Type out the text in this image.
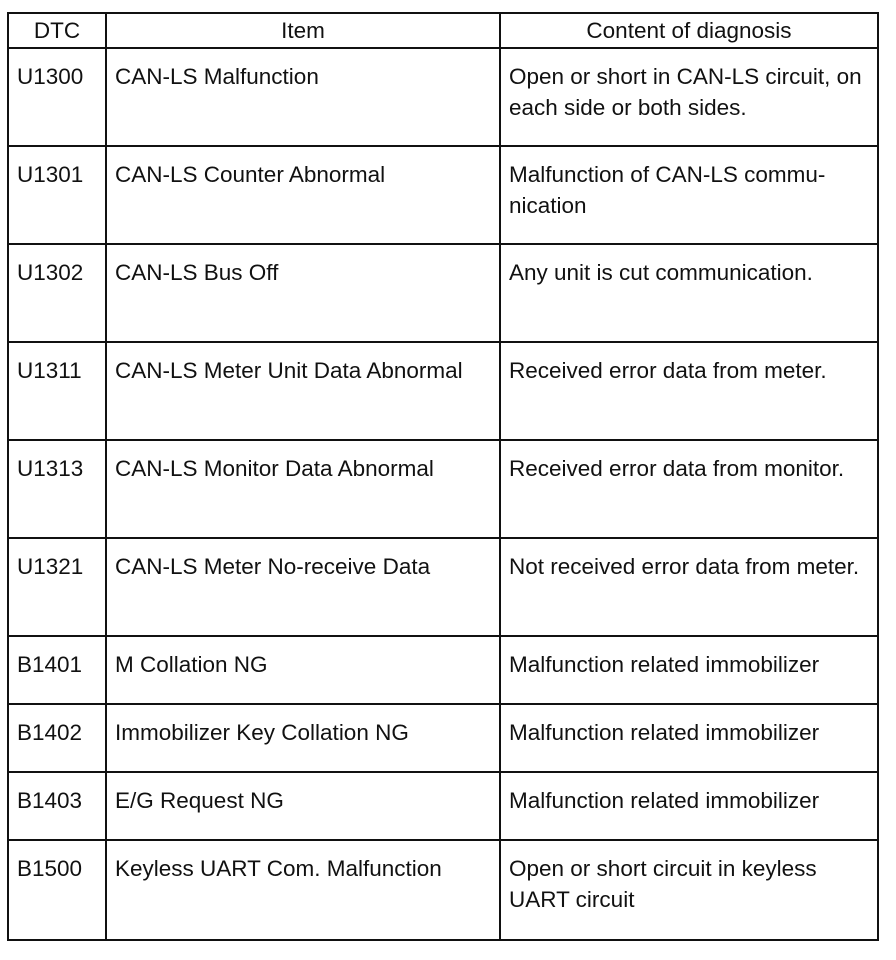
DTC	Item	Content of diagnosis
U1300	CAN-LS Malfunction	Open or short in CAN-LS circuit, on each side or both sides.
U1301	CAN-LS Counter Abnormal	Malfunction of CAN-LS commu-nication
U1302	CAN-LS Bus Off	Any unit is cut communication.
U1311	CAN-LS Meter Unit Data Abnormal	Received error data from meter.
U1313	CAN-LS Monitor Data Abnormal	Received error data from monitor.
U1321	CAN-LS Meter No-receive Data	Not received error data from meter.
B1401	M Collation NG	Malfunction related immobilizer
B1402	Immobilizer Key Collation NG	Malfunction related immobilizer
B1403	E/G Request NG	Malfunction related immobilizer
B1500	Keyless UART Com. Malfunction	Open or short circuit in keyless UART circuit
